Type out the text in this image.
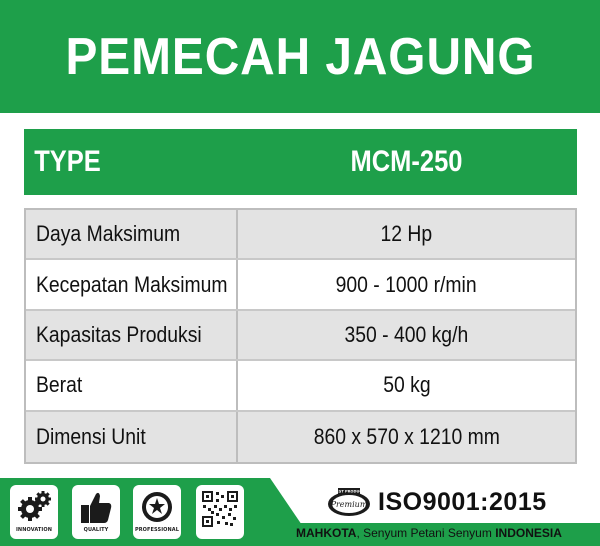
PEMECAH JAGUNG
TYPE	MCM-250
Daya Maksimum	12 Hp
Kecepatan Maksimum	900 - 1000 r/min
Kapasitas Produksi	350 - 400 kg/h
Berat	50 kg
Dimensi Unit	860 x 570 x 1210 mm
INNOVATION	QUALITY	PROFESSIONAL
BEST PRODUCT
Premium ISO9001:2015
MAHKOTA, Senyum Petani Senyum INDONESIA
